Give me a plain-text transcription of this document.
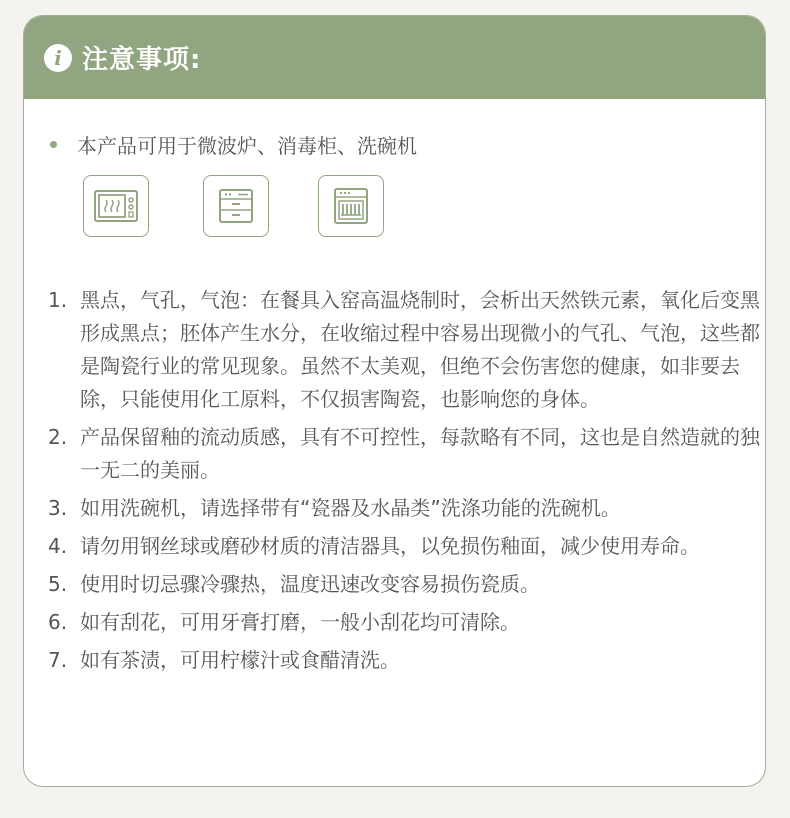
i 注意事项:
本产品可用于微波炉、消毒柜、洗碗机
1. 黑点，气孔，气泡：在餐具入窑高温烧制时，会析出天然铁元素，氧化后变黑形成黑点；胚体产生水分，在收缩过程中容易出现微小的气孔、气泡，这些都是陶瓷行业的常见现象。虽然不太美观，但绝不会伤害您的健康，如非要去除，只能使用化工原料，不仅损害陶瓷，也影响您的身体。
2. 产品保留釉的流动质感，具有不可控性，每款略有不同，这也是自然造就的独一无二的美丽。
3. 如用洗碗机，请选择带有“瓷器及水晶类”洗涤功能的洗碗机。
4. 请勿用钢丝球或磨砂材质的清洁器具，以免损伤釉面，减少使用寿命。
5. 使用时切忌骤冷骤热，温度迅速改变容易损伤瓷质。
6. 如有刮花，可用牙膏打磨，一般小刮花均可清除。
7. 如有茶渍，可用柠檬汁或食醋清洗。
